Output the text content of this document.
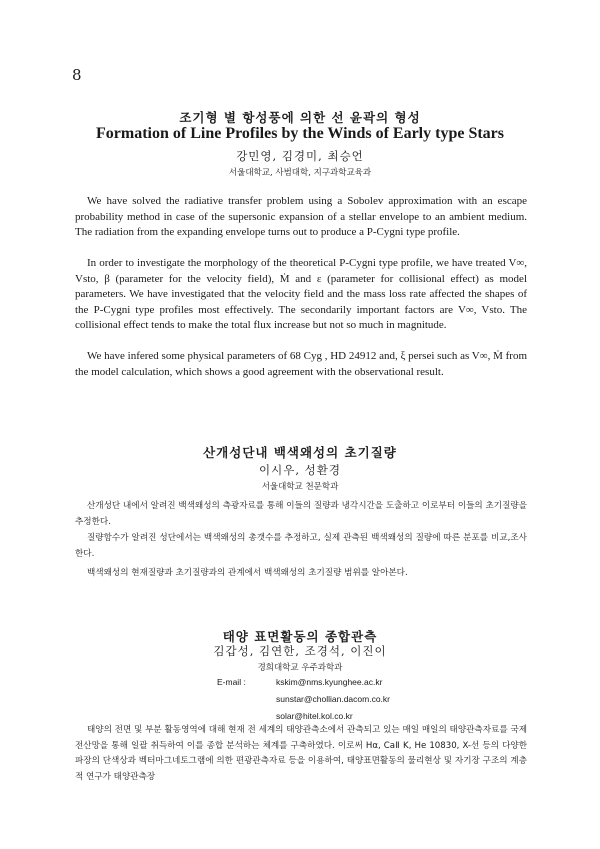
8
조기형 별 항성풍에 의한 선 윤곽의 형성
Formation of Line Profiles by the Winds of Early type Stars
강민영, 김경미, 최승언
서울대학교, 사범대학, 지구과학교육과

We have solved the radiative transfer problem using a Sobolev approximation with an escape probability method in case of the supersonic expansion of a stellar envelope to an ambient medium. The radiation from the expanding envelope turns out to produce a P-Cygni type profile.

In order to investigate the morphology of the theoretical P-Cygni type profile, we have treated V∞, Vsto, β (parameter for the velocity field), Ṁ and ε (parameter for collisional effect) as model parameters. We have investigated that the velocity field and the mass loss rate affected the shapes of the P-Cygni type profiles most effectively. The secondarily important factors are V∞, Vsto. The collisional effect tends to make the total flux increase but not so much in magnitude.

We have infered some physical parameters of 68 Cyg , HD 24912 and, ξ persei such as V∞, Ṁ from the model calculation, which shows a good agreement with the observational result.

산개성단내 백색왜성의 초기질량
이시우, 성환경
서울대학교 천문학과

산개성단 내에서 알려진 백색왜성의 측광자료를 통해 이들의 질량과 냉각시간을 도출하고 이로부터 이들의 초기질량을 추정한다.

질량함수가 알려진 성단에서는 백색왜성의 총갯수를 추정하고, 실제 관측된 백색왜성의 질량에 따른 분포를 비교,조사한다.

백색왜성의 현재질량과 초기질량과의 관계에서 백색왜성의 초기질량 범위를 알아본다.

태양 표면활동의 종합관측
김갑성, 김연한, 조경석, 이진이
경희대학교 우주과학과
E-mail :	kskim@nms.kyunghee.ac.kr
sunstar@chollian.dacom.co.kr
solar@hitel.kol.co.kr

태양의 전면 및 부분 활동영역에 대해 현재 전 세계의 태양관측소에서 관측되고 있는 매일 매일의 태양관측자료를 국제 전산망을 통해 일괄 취득하여 이를 종합 분석하는 체계를 구축하였다. 이로써 Hα, CaⅡ K, He 10830, X-선 등의 다양한 파장의 단색상과 벡터마그네토그램에 의한 편광관측자료 등을 이용하여, 태양표면활동의 물리현상 및 자기장 구조의 계층적 연구가 태양관측장
